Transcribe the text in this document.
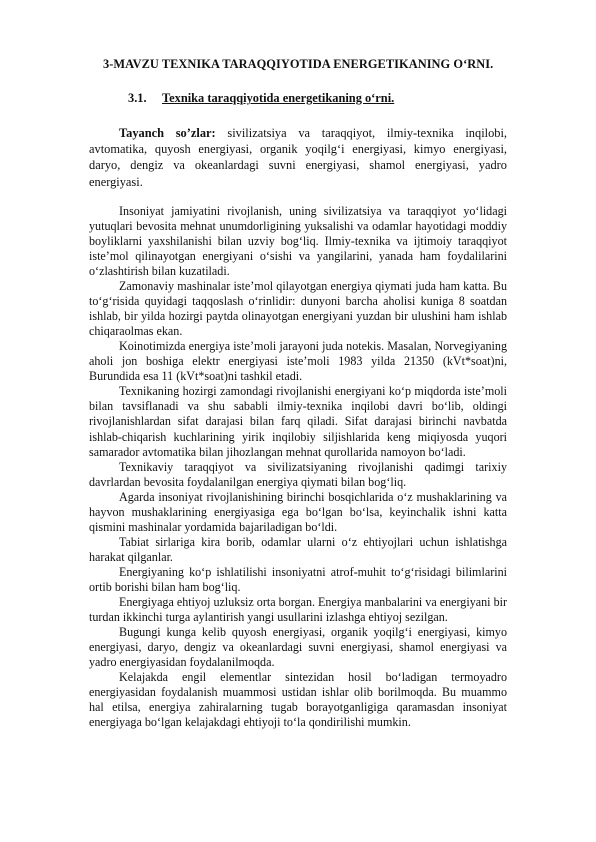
3-MAVZU TEXNIKA TARAQQIYOTIDA ENERGETIKANING O‘RNI.
3.1. Texnika taraqqiyotida energetikaning o‘rni.

Tayanch so’zlar: sivilizatsiya va taraqqiyot, ilmiy-texnika inqilobi, avtomatika, quyosh energiyasi, organik yoqilg‘i energiyasi, kimyo energiyasi, daryo, dengiz va okeanlardagi suvni energiyasi, shamol energiyasi, yadro energiyasi.

Insoniyat jamiyatini rivojlanish, uning sivilizatsiya va taraqqiyot yo‘lidagi yutuqlari bevosita mehnat unumdorligining yuksalishi va odamlar hayotidagi moddiy boyliklarni yaxshilanishi bilan uzviy bog‘liq. Ilmiy-texnika va ijtimoiy taraqqiyot iste’mol qilinayotgan energiyani o‘sishi va yangilarini, yanada ham foydalilarini o‘zlashtirish bilan kuzatiladi.

Zamonaviy mashinalar iste’mol qilayotgan energiya qiymati juda ham katta. Bu to‘g‘risida quyidagi taqqoslash o‘rinlidir: dunyoni barcha aholisi kuniga 8 soatdan ishlab, bir yilda hozirgi paytda olinayotgan energiyani yuzdan bir ulushini ham ishlab chiqaraolmas ekan.

Koinotimizda energiya iste’moli jarayoni juda notekis. Masalan, Norvegiyaning aholi jon boshiga elektr energiyasi iste’moli 1983 yilda 21350 (kVt*soat)ni, Burundida esa 11 (kVt*soat)ni tashkil etadi.

Texnikaning hozirgi zamondagi rivojlanishi energiyani ko‘p miqdorda iste’moli bilan tavsiflanadi va shu sababli ilmiy-texnika inqilobi davri bo‘lib, oldingi rivojlanishlardan sifat darajasi bilan farq qiladi. Sifat darajasi birinchi navbatda ishlab-chiqarish kuchlarining yirik inqilobiy siljishlarida keng miqiyosda yuqori samarador avtomatika bilan jihozlangan mehnat qurollarida namoyon bo‘ladi.

Texnikaviy taraqqiyot va sivilizatsiyaning rivojlanishi qadimgi tarixiy davrlardan bevosita foydalanilgan energiya qiymati bilan bog‘liq.

Agarda insoniyat rivojlanishining birinchi bosqichlarida o‘z mushaklarining va hayvon mushaklarining energiyasiga ega bo‘lgan bo‘lsa, keyinchalik ishni katta qismini mashinalar yordamida bajariladigan bo‘ldi.

Tabiat sirlariga kira borib, odamlar ularni o‘z ehtiyojlari uchun ishlatishga harakat qilganlar.

Energiyaning ko‘p ishlatilishi insoniyatni atrof-muhit to‘g‘risidagi bilimlarini ortib borishi bilan ham bog‘liq.

Energiyaga ehtiyoj uzluksiz orta borgan. Energiya manbalarini va energiyani bir turdan ikkinchi turga aylantirish yangi usullarini izlashga ehtiyoj sezilgan.

Bugungi kunga kelib quyosh energiyasi, organik yoqilg‘i energiyasi, kimyo energiyasi, daryo, dengiz va okeanlardagi suvni energiyasi, shamol energiyasi va yadro energiyasidan foydalanilmoqda.

Kelajakda engil elementlar sintezidan hosil bo‘ladigan termoyadro energiyasidan foydalanish muammosi ustidan ishlar olib borilmoqda. Bu muammo hal etilsa, energiya zahiralarning tugab borayotganligiga qaramasdan insoniyat energiyaga bo‘lgan kelajakdagi ehtiyoji to‘la qondirilishi mumkin.
